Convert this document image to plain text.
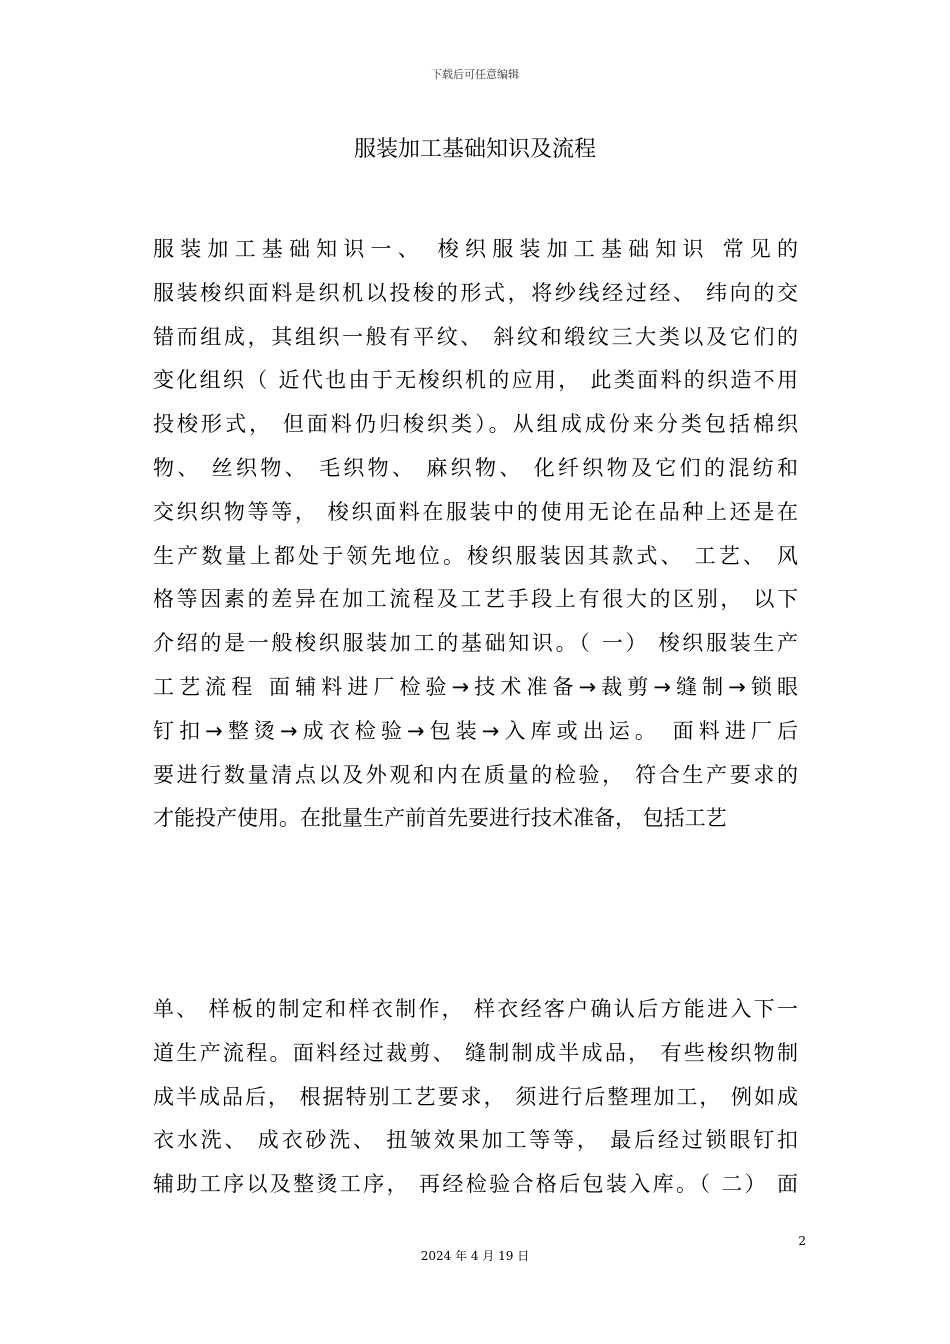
下载后可任意编辑
服装加工基础知识及流程
服装加工基础知识一、 梭织服装加工基础知识 常见的
服装梭织面料是织机以投梭的形式，将纱线经过经、 纬向的交
错而组成，其组织一般有平纹、 斜纹和缎纹三大类以及它们的
变化组织（ 近代也由于无梭织机的应用， 此类面料的织造不用
投梭形式， 但面料仍归梭织类）。从组成成份来分类包括棉织
物、 丝织物、 毛织物、 麻织物、 化纤织物及它们的混纺和
交织织物等等， 梭织面料在服装中的使用无论在品种上还是在
生产数量上都处于领先地位。梭织服装因其款式、 工艺、 风
格等因素的差异在加工流程及工艺手段上有很大的区别， 以下
介绍的是一般梭织服装加工的基础知识。（ 一） 梭织服装生产
工艺流程 面辅料进厂检验→技术准备→裁剪→缝制→锁眼
钉扣→整烫→成衣检验→包装→入库或出运。 面料进厂后
要进行数量清点以及外观和内在质量的检验， 符合生产要求的
才能投产使用。在批量生产前首先要进行技术准备， 包括工艺
单、 样板的制定和样衣制作， 样衣经客户确认后方能进入下一
道生产流程。面料经过裁剪、 缝制制成半成品， 有些梭织物制
成半成品后， 根据特别工艺要求， 须进行后整理加工， 例如成
衣水洗、 成衣砂洗、 扭皱效果加工等等， 最后经过锁眼钉扣
辅助工序以及整烫工序， 再经检验合格后包装入库。（ 二） 面
2
2024 年 4 月 19 日
